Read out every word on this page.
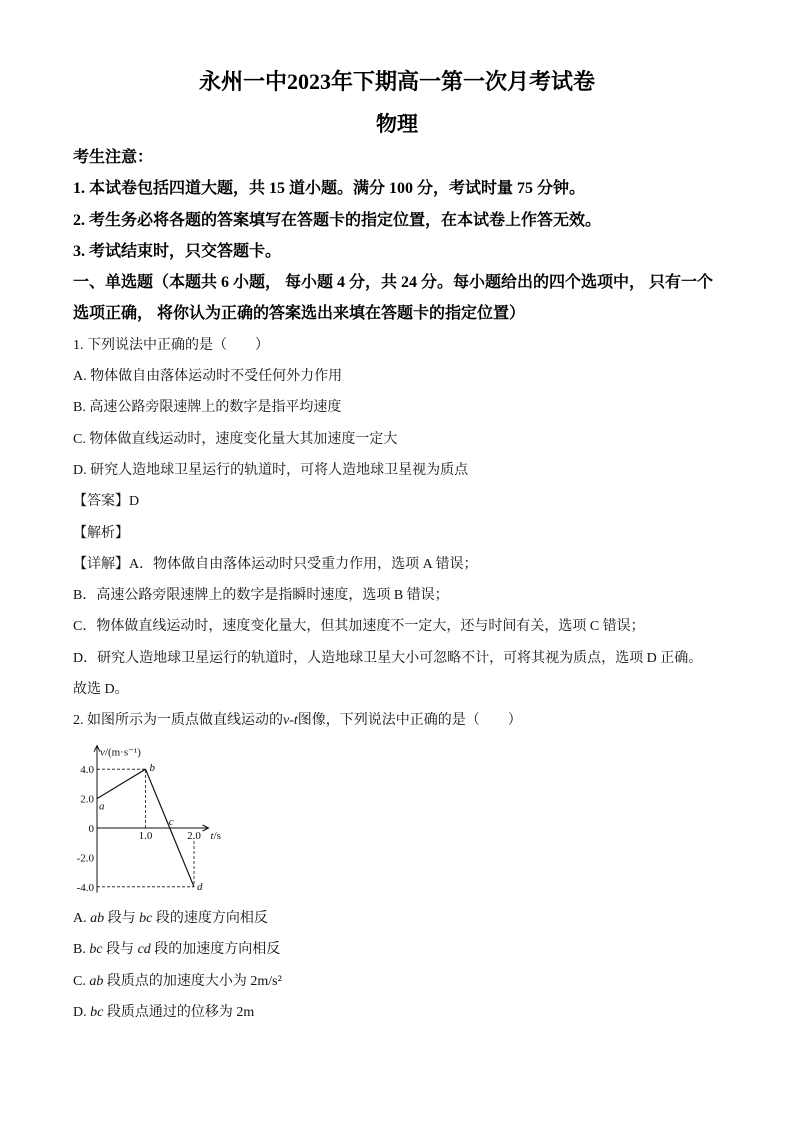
永州一中2023年下期高一第一次月考试卷
物理
考生注意：
1. 本试卷包括四道大题，共 15 道小题。满分 100 分，考试时量 75 分钟。
2. 考生务必将各题的答案填写在答题卡的指定位置，在本试卷上作答无效。
3. 考试结束时，只交答题卡。
一、单选题（本题共 6 小题， 每小题 4 分，共 24 分。每小题给出的四个选项中， 只有一个
选项正确， 将你认为正确的答案选出来填在答题卡的指定位置）
1. 下列说法中正确的是（　　）
A. 物体做自由落体运动时不受任何外力作用
B. 高速公路旁限速牌上的数字是指平均速度
C. 物体做直线运动时，速度变化量大其加速度一定大
D. 研究人造地球卫星运行的轨道时，可将人造地球卫星视为质点
【答案】D
【解析】
【详解】A．物体做自由落体运动时只受重力作用，选项 A 错误；
B．高速公路旁限速牌上的数字是指瞬时速度，选项 B 错误；
C．物体做直线运动时，速度变化量大，但其加速度不一定大，还与时间有关，选项 C 错误；
D．研究人造地球卫星运行的轨道时，人造地球卫星大小可忽略不计，可将其视为质点，选项 D 正确。
故选 D。
2. 如图所示为一质点做直线运动的v-t图像，下列说法中正确的是（　　）
v/(m·s⁻¹)
t/s
4.0
2.0
0
-2.0
-4.0
1.0	2.0
a
b
c
d
A. ab 段与 bc 段的速度方向相反
B. bc 段与 cd 段的加速度方向相反
C. ab 段质点的加速度大小为 2m/s²
D. bc 段质点通过的位移为 2m
